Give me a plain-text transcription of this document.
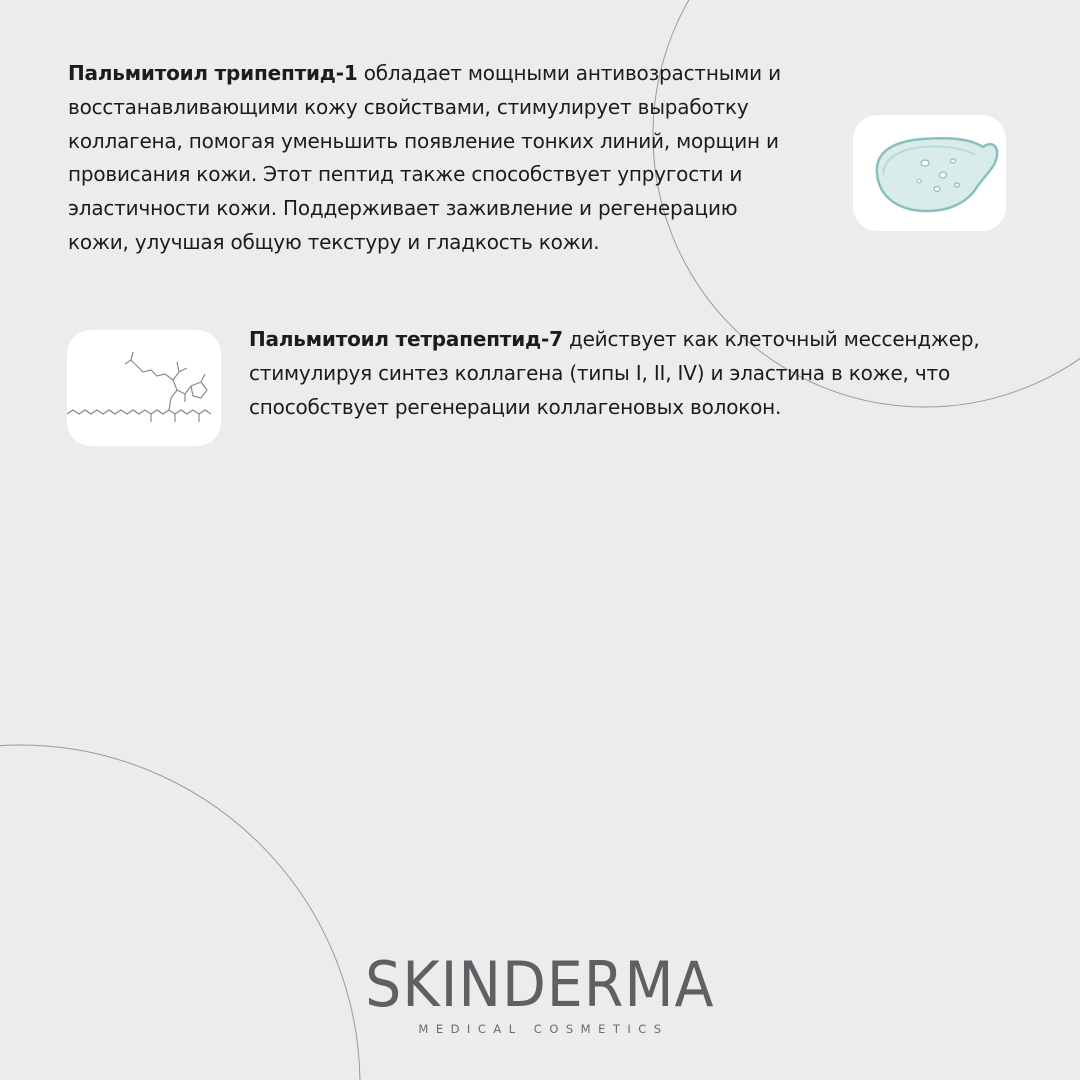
Пальмитоил трипептид-1 обладает мощными антивозрастными и восстанавливающими кожу свойствами, стимулирует выработку коллагена, помогая уменьшить появление тонких линий, морщин и провисания кожи. Этот пептид также способствует упругости и эластичности кожи. Поддерживает заживление и регенерацию кожи, улучшая общую текстуру и гладкость кожи.

Пальмитоил тетрапептид-7 действует как клеточный мессенджер, стимулируя синтез коллагена (типы I, II, IV) и эластина в коже, что способствует регенерации коллагеновых волокон.

SKINDERMA
MEDICAL COSMETICS
